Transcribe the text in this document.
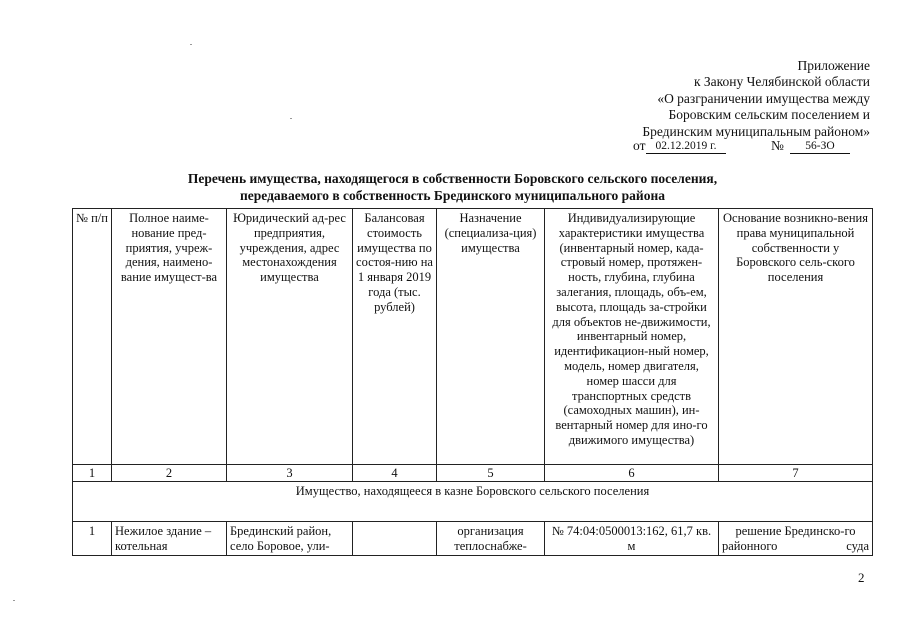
Приложение
к Закону Челябинской области
«О разграничении имущества между
Боровским сельским поселением и
Брединским муниципальным районом»
от 02.12.2019 г.	№	56-ЗО
Перечень имущества, находящегося в собственности Боровского сельского поселения,
передаваемого в собственность Брединского муниципального района
№ п/п	Полное наиме-нование пред-приятия, учреж-дения, наимено-вание имущест-ва	Юридический ад-рес предприятия, учреждения, адрес местонахождения имущества	Балансовая стоимость имущества по состоя-нию на 1 января 2019 года (тыс. рублей)	Назначение (специализа-ция) имущества	Индивидуализирующие характеристики имущества (инвентарный номер, када-стровый номер, протяжен-ность, глубина, глубина залегания, площадь, объ-ем, высота, площадь за-стройки для объектов не-движимости, инвентарный номер, идентификацион-ный номер, модель, номер двигателя, номер шасси для транспортных средств (самоходных машин), ин-вентарный номер для ино-го движимого имущества)	Основание возникно-вения права муниципальной собственности у Боровского сель-ского поселения
1	2	3	4	5	6	7
Имущество, находящееся в казне Боровского сельского поселения						
1	Нежилое здание – котельная	Брединский район, село Боровое, ули-		организация теплоснабже-	№ 74:04:0500013:162, 61,7 кв. м	решение Брединско-го районного суда
2
